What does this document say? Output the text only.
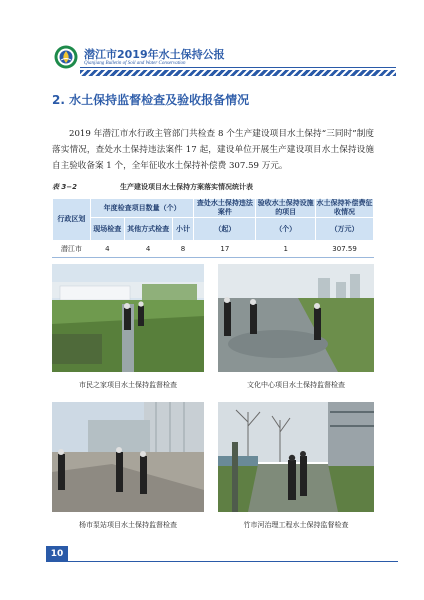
潜江市2019年水土保持公报
Qianjiang Bulletin of Soil and Water Conservation
2. 水土保持监督检查及验收报备情况

2019 年潜江市水行政主管部门共检查 8 个生产建设项目水土保持“三同时”制度落实情况，查处水土保持违法案件 17 起，建设单位开展生产建设项目水土保持设施自主验收备案 1 个，全年征收水土保持补偿费 307.59 万元。

表 3−2	生产建设项目水土保持方案落实情况统计表
行政区划	年度检查项目数量（个）			查处水土保持违法案件	验收水土保持设施的项目	水土保持补偿费征收情况
	现场检查	其他方式检查	小计	（起）	（个）	（万元）
潜江市	4	4	8	17	1	307.59
市民之家项目水土保持监督检查	文化中心项目水土保持监督检查
杨市泵站项目水土保持监督检查	竹市河治理工程水土保持监督检查
10
